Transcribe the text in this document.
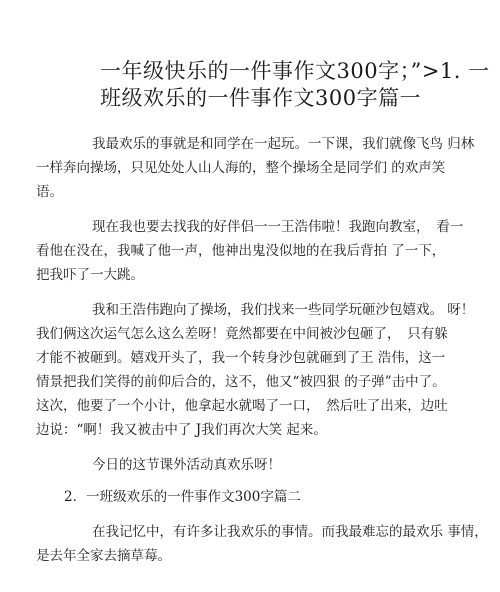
一年级快乐的一件事作文300字；”>1. 一
班级欢乐的一件事作文300字篇一

我最欢乐的事就是和同学在一起玩。一下课，我们就像飞鸟 归林
一样奔向操场，只见处处人山人海的，整个操场全是同学们 的欢声笑
语。

现在我也要去找我的好伴侣一一王浩伟啦！我跑向教室，　看一
看他在没在，我喊了他一声，他神出鬼没似地的在我后背拍 了一下，
把我吓了一大跳。

我和王浩伟跑向了操场，我们找来一些同学玩砸沙包嬉戏。 呀！
我们俩这次运气怎么这么差呀！竟然都要在中间被沙包砸了，　只有躲
才能不被砸到。嬉戏开头了，我一个转身沙包就砸到了王 浩伟，这一
情景把我们笑得的前仰后合的，这不，他又“被四狠 的子弹”击中了。
这次，他要了一个小计，他拿起水就喝了一口，　然后吐了出来，边吐
边说：“啊！我又被击中了 J我们再次大笑 起来。

今日的这节课外活动真欢乐呀！

2．一班级欢乐的一件事作文300字篇二

在我记忆中，有许多让我欢乐的事情。而我最难忘的最欢乐 事情，
是去年全家去摘草莓。
